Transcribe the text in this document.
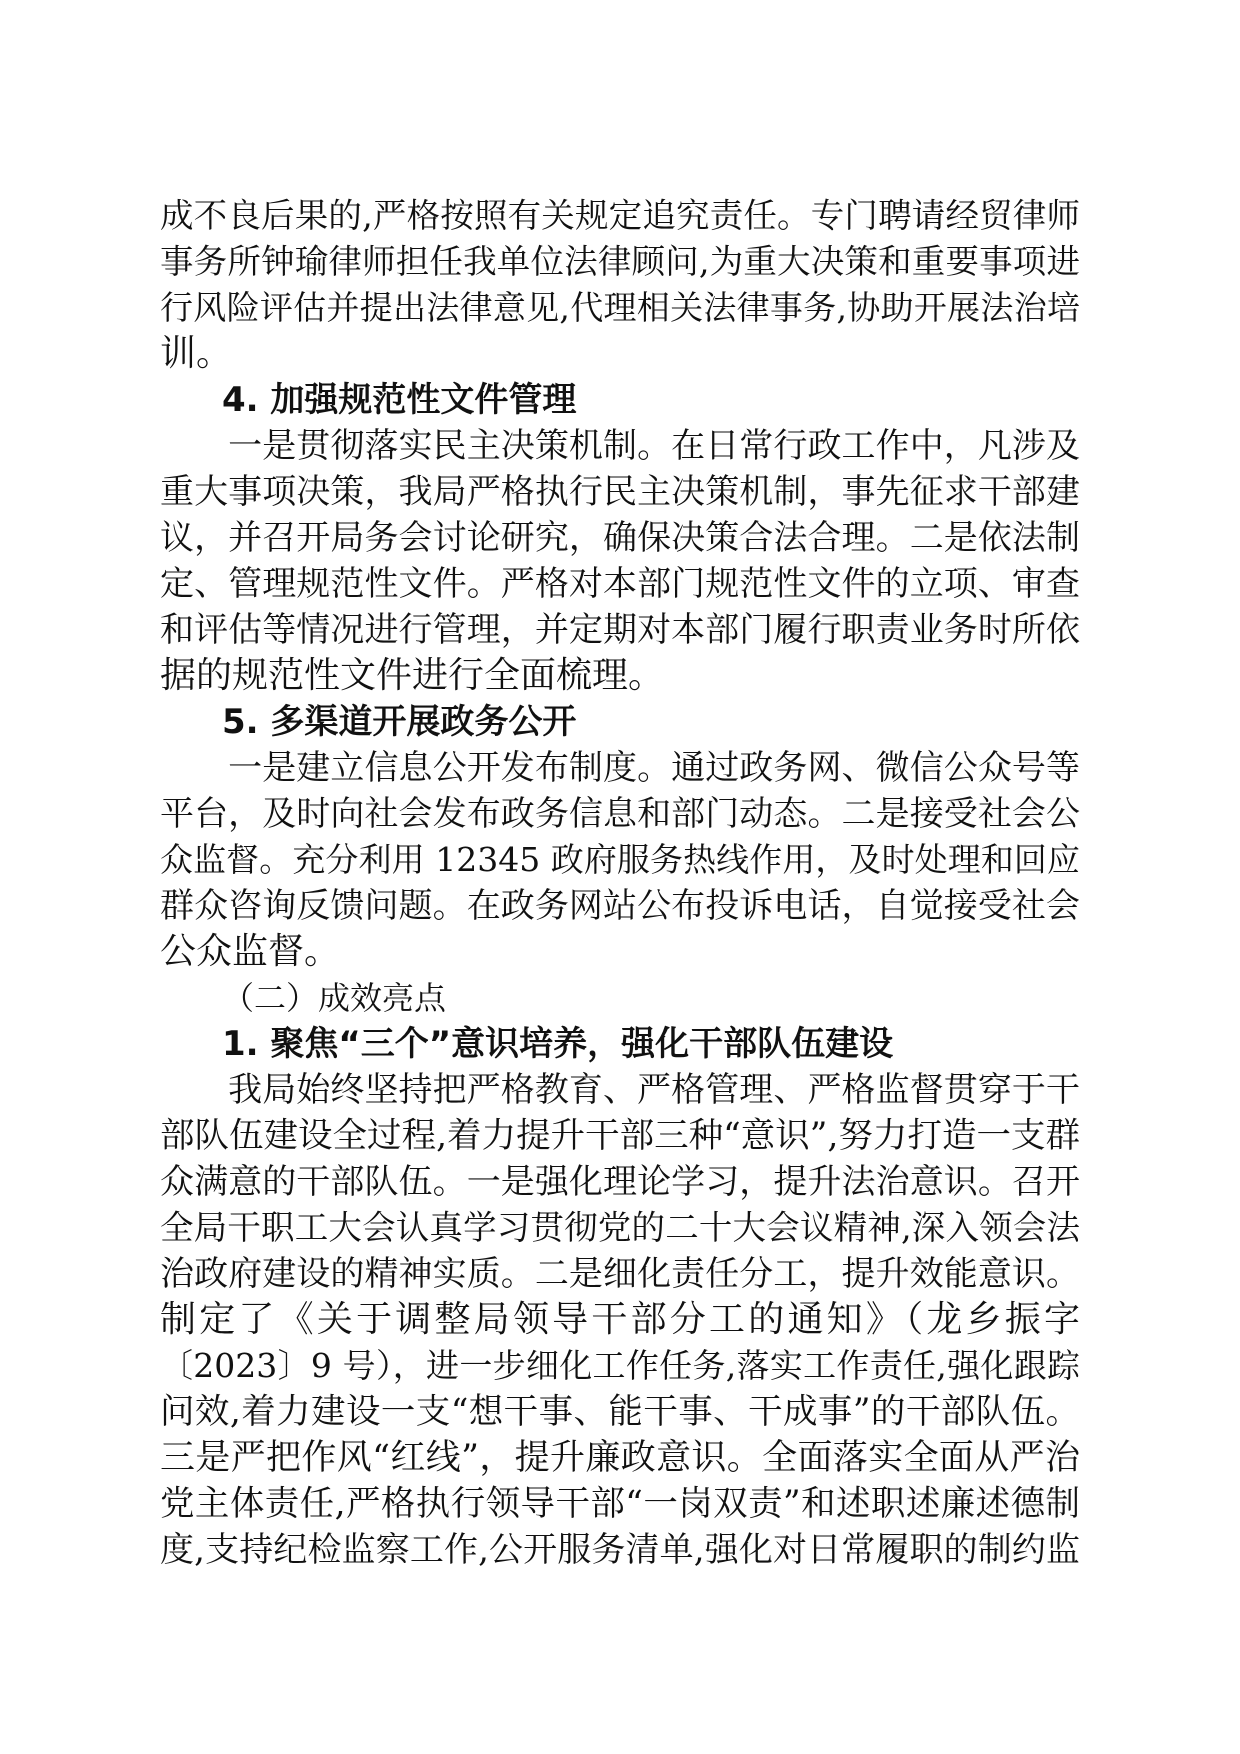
成不良后果的,严格按照有关规定追究责任。专门聘请经贸律师
事务所钟瑜律师担任我单位法律顾问,为重大决策和重要事项进
行风险评估并提出法律意见,代理相关法律事务,协助开展法治培
训。
4. 加强规范性文件管理
　　一是贯彻落实民主决策机制。在日常行政工作中，凡涉及
重大事项决策，我局严格执行民主决策机制，事先征求干部建
议，并召开局务会讨论研究，确保决策合法合理。二是依法制
定、管理规范性文件。严格对本部门规范性文件的立项、审查
和评估等情况进行管理，并定期对本部门履行职责业务时所依
据的规范性文件进行全面梳理。
5. 多渠道开展政务公开
　　一是建立信息公开发布制度。通过政务网、微信公众号等
平台，及时向社会发布政务信息和部门动态。二是接受社会公
众监督。充分利用 12345 政府服务热线作用，及时处理和回应
群众咨询反馈问题。在政务网站公布投诉电话，自觉接受社会
公众监督。
（二）成效亮点
1. 聚焦“三个”意识培养，强化干部队伍建设
　　我局始终坚持把严格教育、严格管理、严格监督贯穿于干
部队伍建设全过程,着力提升干部三种“意识”,努力打造一支群
众满意的干部队伍。一是强化理论学习，提升法治意识。召开
全局干职工大会认真学习贯彻党的二十大会议精神,深入领会法
治政府建设的精神实质。二是细化责任分工，提升效能意识。
制定了《关于调整局领导干部分工的通知》（龙乡振字
〔2023〕9 号），进一步细化工作任务,落实工作责任,强化跟踪
问效,着力建设一支“想干事、能干事、干成事”的干部队伍。
三是严把作风“红线”，提升廉政意识。全面落实全面从严治
党主体责任,严格执行领导干部“一岗双责”和述职述廉述德制
度,支持纪检监察工作,公开服务清单,强化对日常履职的制约监
